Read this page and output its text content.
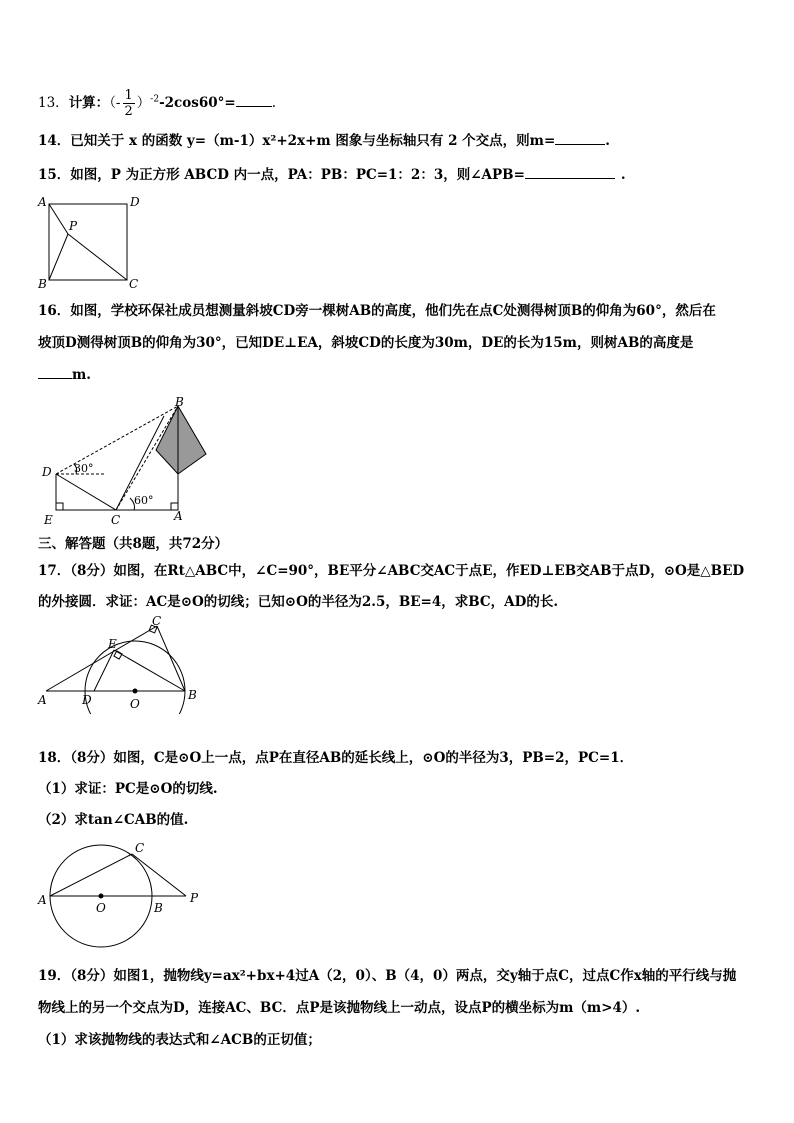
13．计算：（- $\frac{1}{2} )^{-2}-2\cos 60^\circ=$	.
14．已知关于 x 的函数 y=（m-1）x²+2x+m 图象与坐标轴只有 2 个交点，则m=	.
15．如图，P 为正方形 ABCD 内一点，PA：PB：PC=1：2：3，则∠APB=	.
A	D
P
B	C
16．如图，学校环保社成员想测量斜坡CD旁一棵树AB的高度，他们先在点C处测得树顶B的仰角为60°，然后在
坡顶D测得树顶B的仰角为30°，已知DE⊥EA，斜坡CD的长度为30m，DE的长为15m，则树AB的高度是
m.
B
D 30°
60°
E	C	A
三、解答题（共8题，共72分）
17．（8分）如图，在Rt△ABC中，∠C=90°，BE平分∠ABC交AC于点E，作ED⊥EB交AB于点D，⊙O是△BED
的外接圆．求证：AC是⊙O的切线；已知⊙O的半径为2.5，BE=4，求BC，AD的长.
A	D	O
B
C
E
18．（8分）如图，C是⊙O上一点，点P在直径AB的延长线上，⊙O的半径为3，PB=2，PC=1．
（1）求证：PC是⊙O的切线.
（2）求tan∠CAB的值.
A
O	B
P
C
19．（8分）如图1，抛物线y=ax²+bx+4过A（2，0）、B（4，0）两点，交y轴于点C，过点C作x轴的平行线与抛
物线上的另一个交点为D，连接AC、BC．点P是该抛物线上一动点，设点P的横坐标为m（m>4）.
（1）求该抛物线的表达式和∠ACB的正切值；
